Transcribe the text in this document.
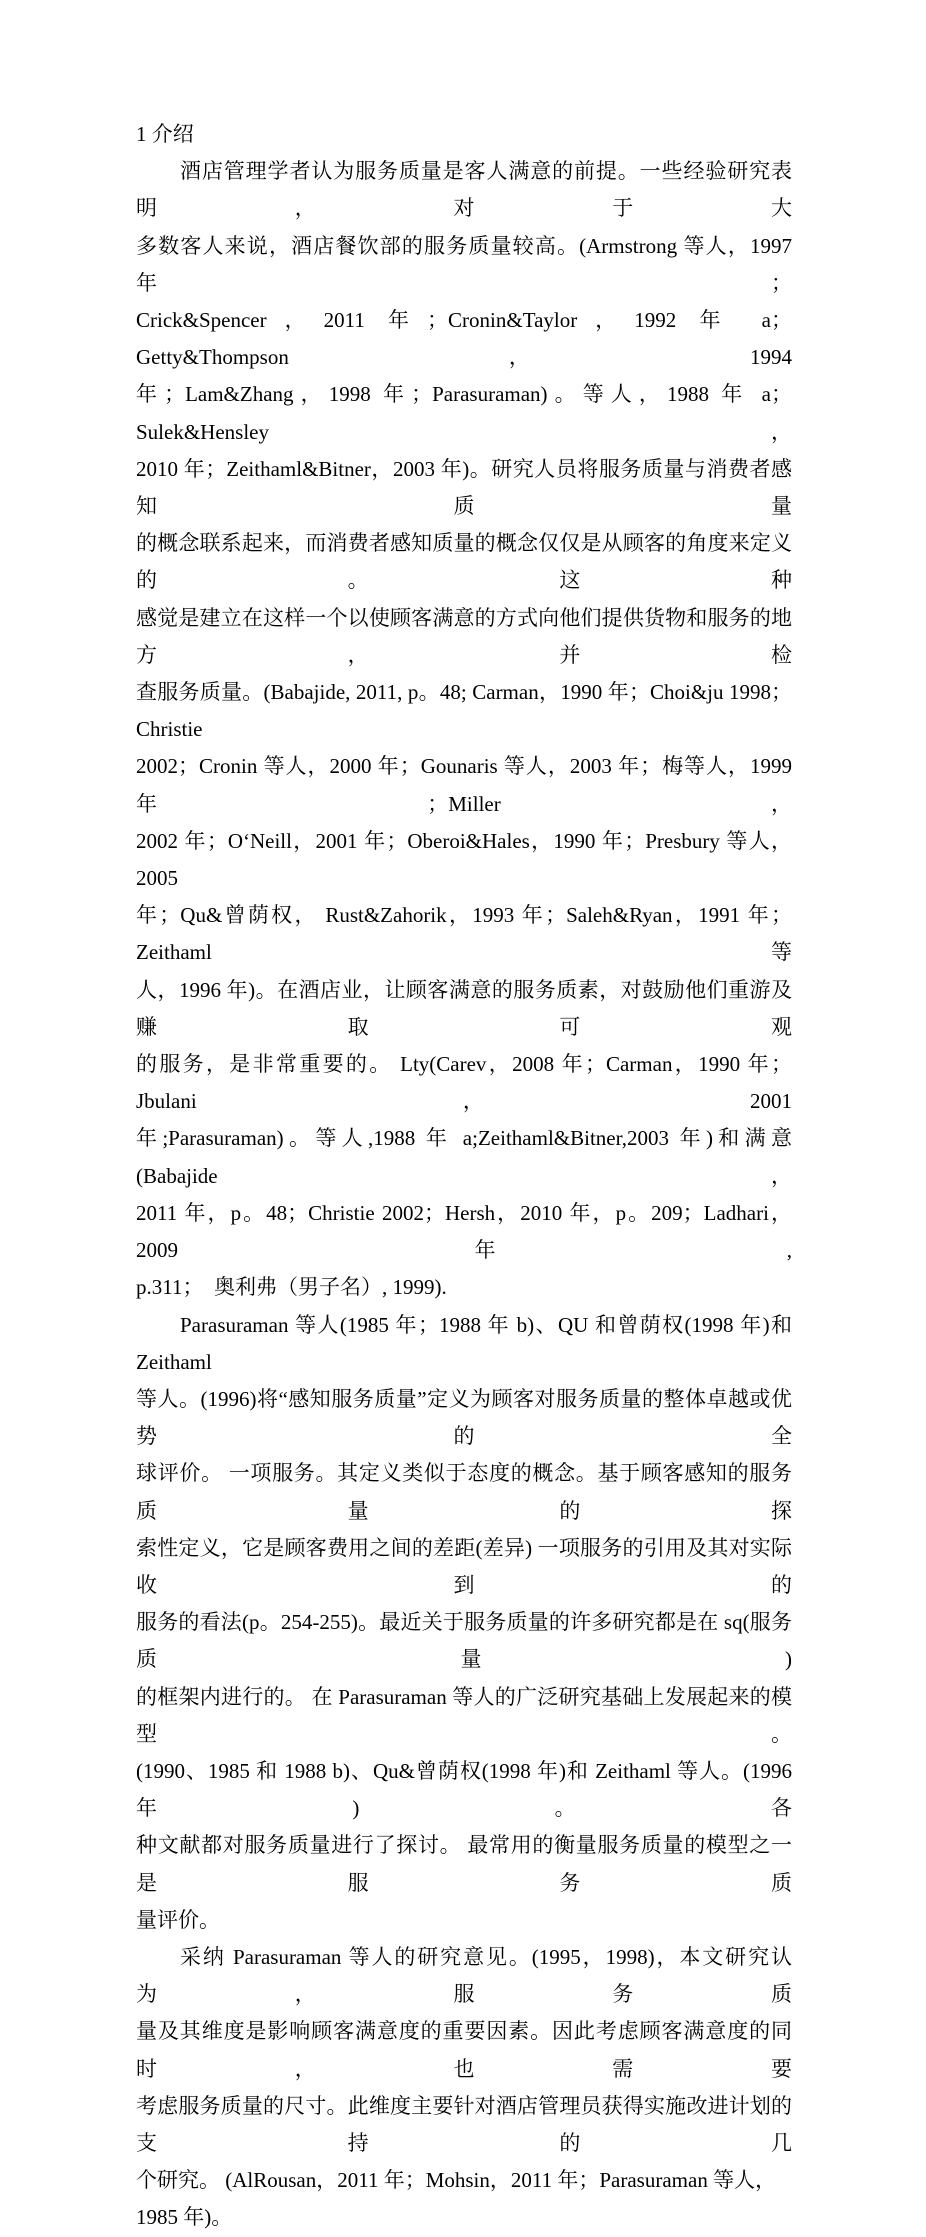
1 介绍
酒店管理学者认为服务质量是客人满意的前提。一些经验研究表明，对于大
多数客人来说，酒店餐饮部的服务质量较高。(Armstrong 等人，1997 年；
Crick&Spencer，2011 年；Cronin&Taylor，1992 年 a；Getty&Thompson，1994
年；Lam&Zhang，1998 年；Parasuraman)。等人，1988 年 a；Sulek&Hensley，
2010 年；Zeithaml&Bitner，2003 年)。研究人员将服务质量与消费者感知质量
的概念联系起来，而消费者感知质量的概念仅仅是从顾客的角度来定义的。这种
感觉是建立在这样一个以使顾客满意的方式向他们提供货物和服务的地方，并检
查服务质量。(Babajide, 2011, p。48; Carman，1990 年；Choi&ju 1998；Christie
2002；Cronin 等人，2000 年；Gounaris 等人，2003 年；梅等人，1999 年；Miller，
2002 年；O‘Neill，2001 年；Oberoi&Hales，1990 年；Presbury 等人，2005
年；Qu&曾荫权， Rust&Zahorik，1993 年；Saleh&Ryan，1991 年；Zeithaml 等
人，1996 年)。在酒店业，让顾客满意的服务质素，对鼓励他们重游及赚取可观
的服务，是非常重要的。 Lty(Carev，2008 年；Carman，1990 年；Jbulani，2001
年;Parasuraman)。等人,1988 年 a;Zeithaml&Bitner,2003 年)和满意(Babajide，
2011 年，p。48；Christie 2002；Hersh，2010 年，p。209；Ladhari，2009 年,
p.311；  奥利弗（男子名）, 1999).
Parasuraman 等人(1985 年；1988 年 b)、QU 和曾荫权(1998 年)和 Zeithaml
等人。(1996)将“感知服务质量”定义为顾客对服务质量的整体卓越或优势的全
球评价。 一项服务。其定义类似于态度的概念。基于顾客感知的服务质量的探
索性定义，它是顾客费用之间的差距(差异) 一项服务的引用及其对实际收到的
服务的看法(p。254-255)。最近关于服务质量的许多研究都是在 sq(服务质量)
的框架内进行的。 在 Parasuraman 等人的广泛研究基础上发展起来的模型。
(1990、1985 和 1988 b)、Qu&曾荫权(1998 年)和 Zeithaml 等人。(1996 年)。各
种文献都对服务质量进行了探讨。 最常用的衡量服务质量的模型之一是服务质
量评价。
采纳 Parasuraman 等人的研究意见。(1995，1998)，本文研究认为，服务质
量及其维度是影响顾客满意度的重要因素。因此考虑顾客满意度的同时，也需要
考虑服务质量的尺寸。此维度主要针对酒店管理员获得实施改进计划的支持的几
个研究。 (AlRousan，2011 年；Mohsin，2011 年；Parasuraman 等人，1985 年)。
